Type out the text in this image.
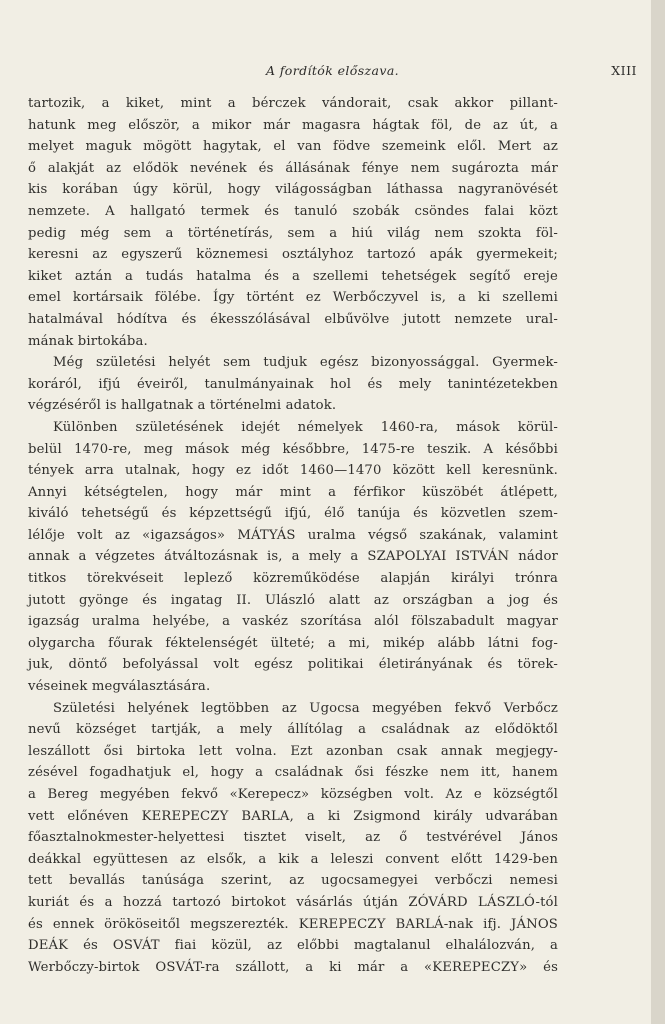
A fordítók előszava.	XIII
tartozik, a kiket, mint a bérczek vándorait, csak akkor pillant-
hatunk meg először, a mikor már magasra hágtak föl, de az út, a
melyet maguk mögött hagytak, el van födve szemeink elől. Mert az
ő alakját az elődök nevének és állásának fénye nem sugározta már
kis korában úgy körül, hogy világosságban láthassa nagyranövését
nemzete. A hallgató termek és tanuló szobák csöndes falai közt
pedig még sem a történetírás, sem a hiú világ nem szokta föl-
keresni az egyszerű köznemesi osztályhoz tartozó apák gyermekeit;
kiket aztán a tudás hatalma és a szellemi tehetségek segítő ereje
emel kortársaik fölébe. Így történt ez Werbőczyvel is, a ki szellemi
hatalmával hódítva és ékesszólásával elbűvölve jutott nemzete ural-
mának birtokába.
Még születési helyét sem tudjuk egész bizonyossággal. Gyermek-
koráról, ifjú éveiről, tanulmányainak hol és mely tanintézetekben
végzéséről is hallgatnak a történelmi adatok.
Különben születésének idejét némelyek 1460-ra, mások körül-
belül 1470-re, meg mások még későbbre, 1475-re teszik. A későbbi
tények arra utalnak, hogy ez időt 1460—1470 között kell keresnünk.
Annyi kétségtelen, hogy már mint a férfikor küszöbét átlépett,
kiváló tehetségű és képzettségű ifjú, élő tanúja és közvetlen szem-
lélője volt az «igazságos» MÁTYÁS uralma végső szakának, valamint
annak a végzetes átváltozásnak is, a mely a SZAPOLYAI ISTVÁN nádor
titkos törekvéseit leplező közreműködése alapján királyi trónra
jutott gyönge és ingatag II. Ulászló alatt az országban a jog és
igazság uralma helyébe, a vaskéz szorítása alól fölszabadult magyar
olygarcha főurak féktelenségét ülteté; a mi, mikép alább látni fog-
juk, döntő befolyással volt egész politikai életirányának és törek-
véseinek megválasztására.
Születési helyének legtöbben az Ugocsa megyében fekvő Verbőcz
nevű községet tartják, a mely állítólag a családnak az elődöktől
leszállott ősi birtoka lett volna. Ezt azonban csak annak megjegy-
zésével fogadhatjuk el, hogy a családnak ősi fészke nem itt, hanem
a Bereg megyében fekvő «Kerepecz» községben volt. Az e községtől
vett előnéven KEREPECZY BARLA, a ki Zsigmond király udvarában
főasztalnokmester-helyettesi tisztet viselt, az ő testvérével János
deákkal együttesen az elsők, a kik a leleszi convent előtt 1429-ben
tett bevallás tanúsága szerint, az ugocsamegyei verbőczi nemesi
kuriát és a hozzá tartozó birtokot vásárlás útján ZÓVÁRD LÁSZLÓ-tól
és ennek örököseitől megszerezték. KEREPECZY BARLÁ-nak ifj. JÁNOS
DEÁK és OSVÁT fiai közül, az előbbi magtalanul elhalálozván, a
Werbőczy-birtok OSVÁT-ra szállott, a ki már a «KEREPECZY» és
